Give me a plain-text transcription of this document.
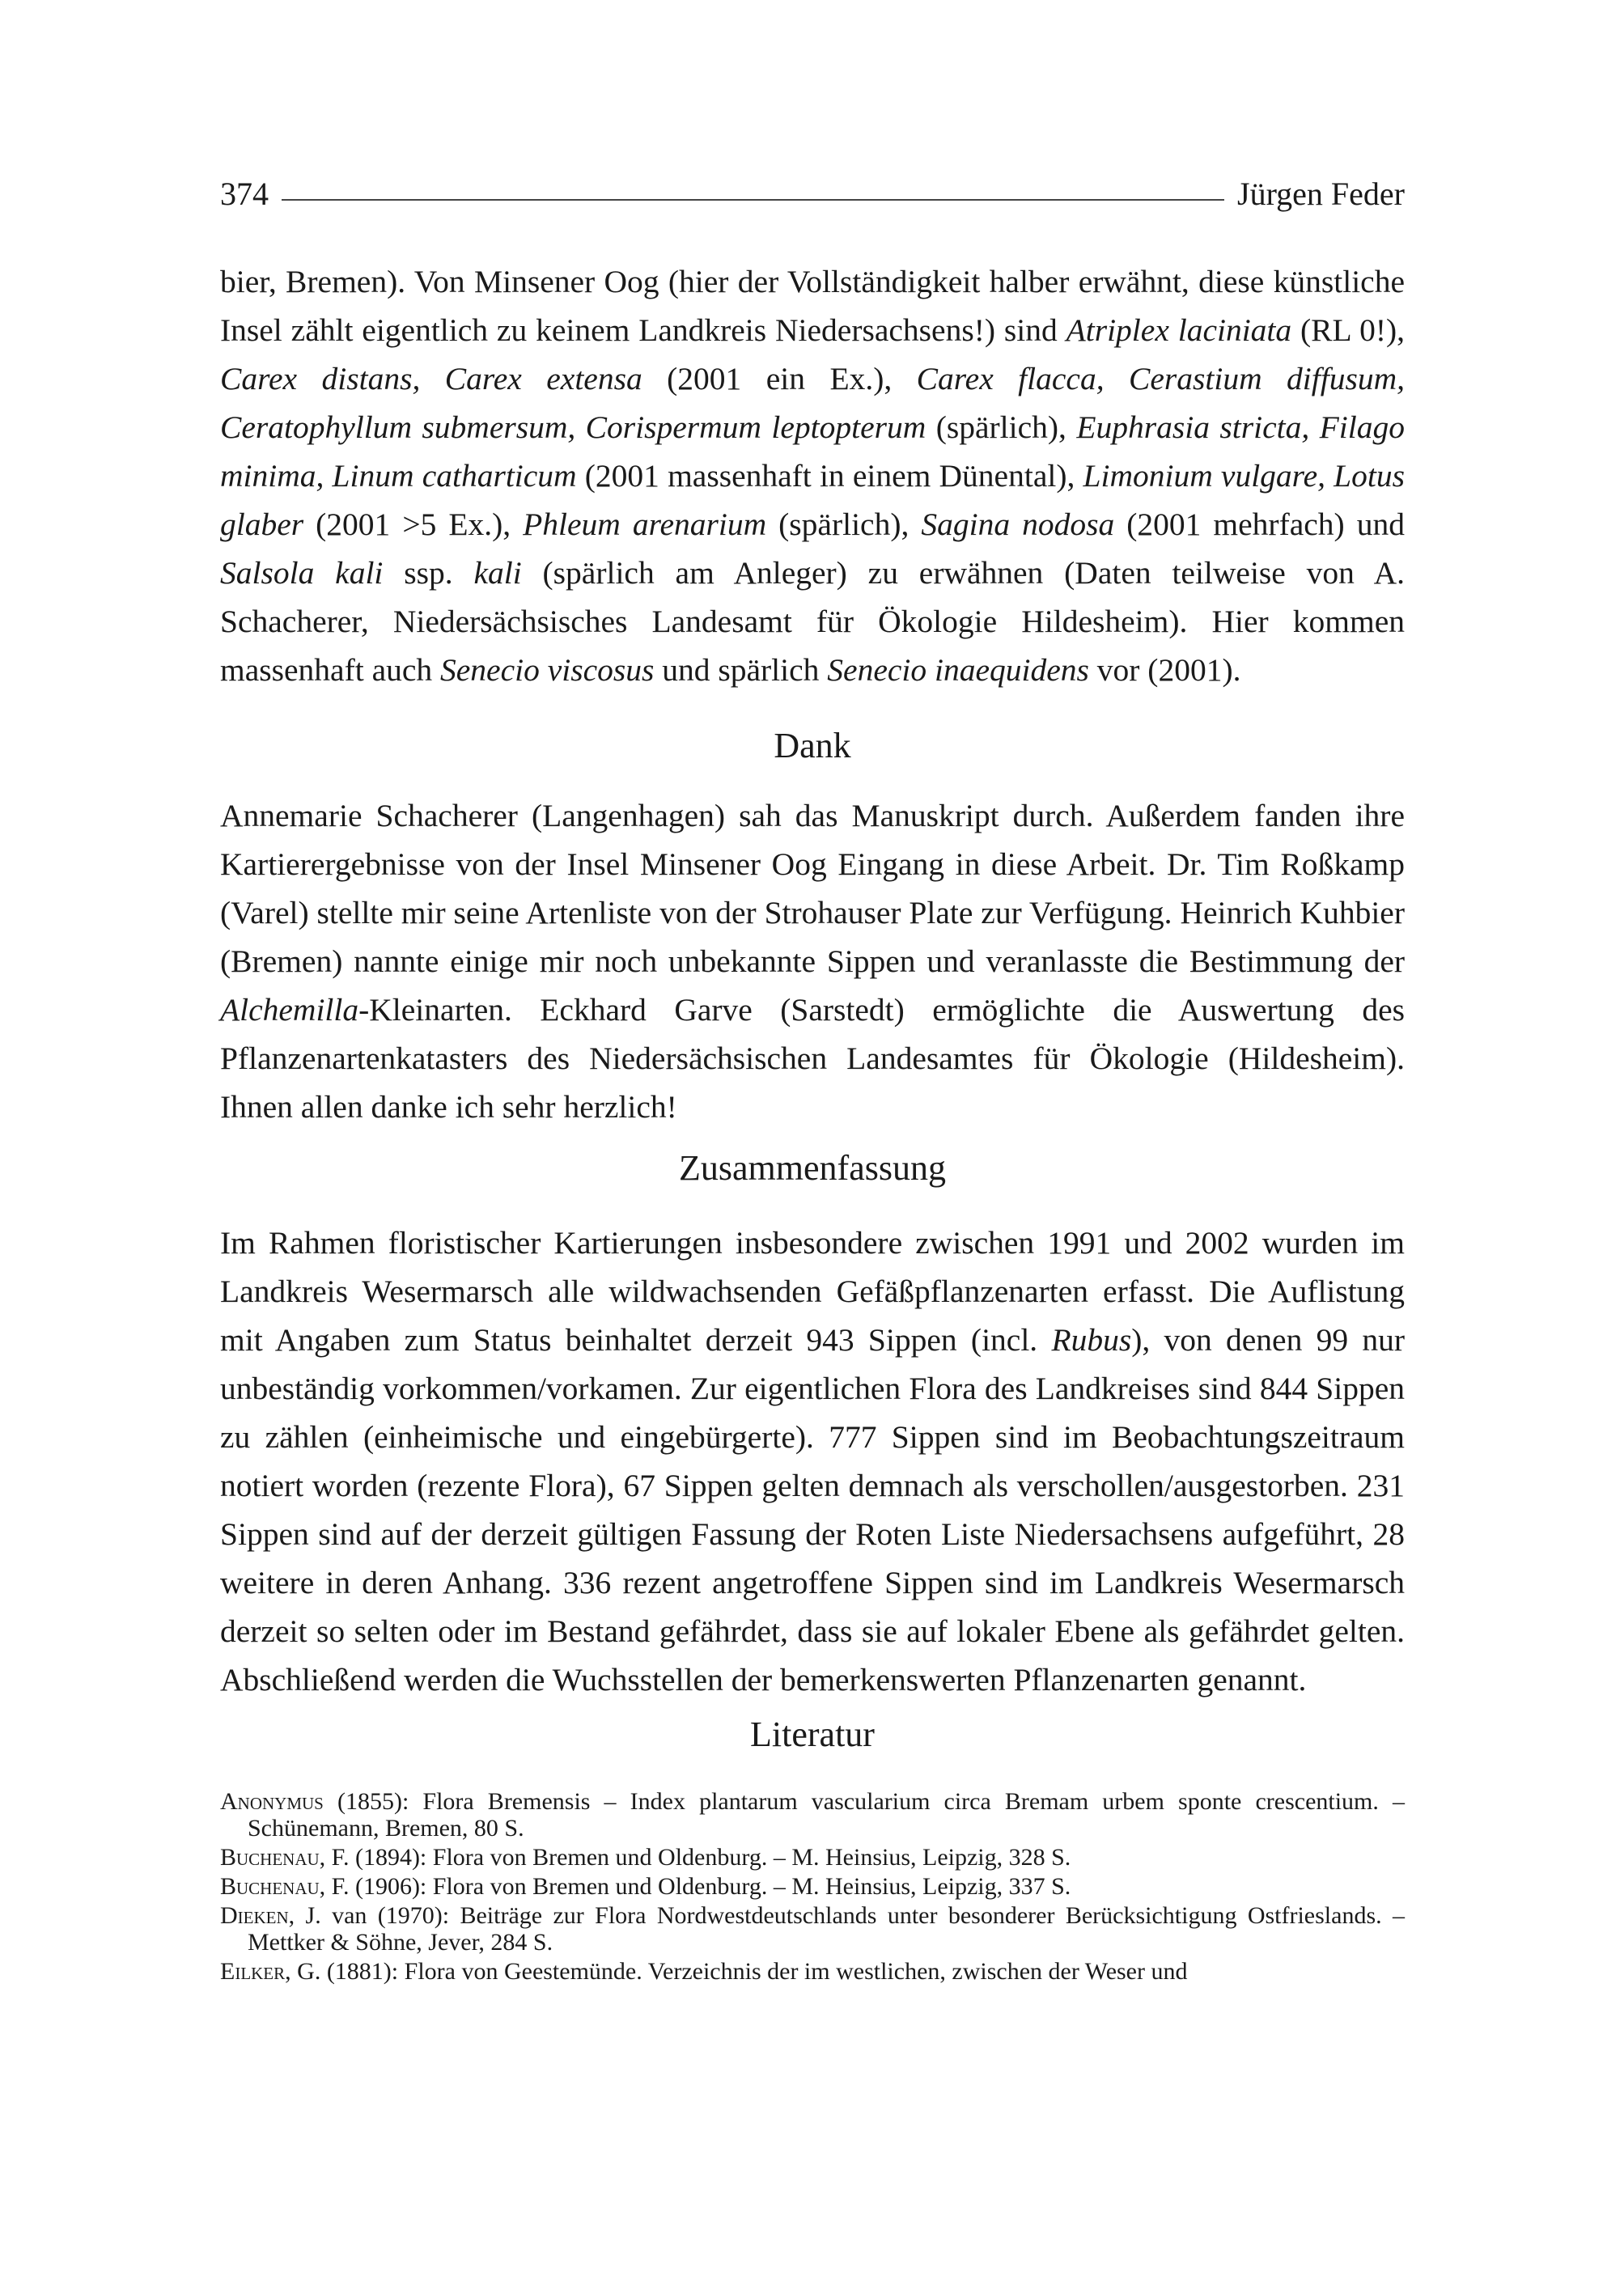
374	Jürgen Feder

bier, Bremen). Von Minsener Oog (hier der Vollständigkeit halber erwähnt, diese künstliche Insel zählt eigentlich zu keinem Landkreis Niedersachsens!) sind Atriplex laciniata (RL 0!), Carex distans, Carex extensa (2001 ein Ex.), Carex flacca, Cerastium diffusum, Ceratophyllum submersum, Corispermum leptopterum (spärlich), Euphrasia stricta, Filago minima, Linum catharticum (2001 massenhaft in einem Dünental), Limonium vulgare, Lotus glaber (2001 >5 Ex.), Phleum arenarium (spärlich), Sagina nodosa (2001 mehrfach) und Salsola kali ssp. kali (spärlich am Anleger) zu erwähnen (Daten teilweise von A. Schacherer, Niedersächsisches Landesamt für Ökologie Hildesheim). Hier kommen massenhaft auch Senecio viscosus und spärlich Senecio inaequidens vor (2001).

Dank

Annemarie Schacherer (Langenhagen) sah das Manuskript durch. Außerdem fanden ihre Kartierergebnisse von der Insel Minsener Oog Eingang in diese Arbeit. Dr. Tim Roßkamp (Varel) stellte mir seine Artenliste von der Strohauser Plate zur Verfügung. Heinrich Kuhbier (Bremen) nannte einige mir noch unbekannte Sippen und veranlasste die Bestimmung der Alchemilla-Kleinarten. Eckhard Garve (Sarstedt) ermöglichte die Auswertung des Pflanzenartenkatasters des Niedersächsischen Landesamtes für Ökologie (Hildesheim). Ihnen allen danke ich sehr herzlich!

Zusammenfassung

Im Rahmen floristischer Kartierungen insbesondere zwischen 1991 und 2002 wurden im Landkreis Wesermarsch alle wildwachsenden Gefäßpflanzenarten erfasst. Die Auflistung mit Angaben zum Status beinhaltet derzeit 943 Sippen (incl. Rubus), von denen 99 nur unbeständig vorkommen/vorkamen. Zur eigentlichen Flora des Landkreises sind 844 Sippen zu zählen (einheimische und eingebürgerte). 777 Sippen sind im Beobachtungszeitraum notiert worden (rezente Flora), 67 Sippen gelten demnach als verschollen/ausgestorben. 231 Sippen sind auf der derzeit gültigen Fassung der Roten Liste Niedersachsens aufgeführt, 28 weitere in deren Anhang. 336 rezent angetroffene Sippen sind im Landkreis Wesermarsch derzeit so selten oder im Bestand gefährdet, dass sie auf lokaler Ebene als gefährdet gelten. Abschließend werden die Wuchsstellen der bemerkenswerten Pflanzenarten genannt.

Literatur
Anonymus (1855): Flora Bremensis – Index plantarum vascularium circa Bremam urbem sponte crescentium. – Schünemann, Bremen, 80 S.
Buchenau, F. (1894): Flora von Bremen und Oldenburg. – M. Heinsius, Leipzig, 328 S.
Buchenau, F. (1906): Flora von Bremen und Oldenburg. – M. Heinsius, Leipzig, 337 S.
Dieken, J. van (1970): Beiträge zur Flora Nordwestdeutschlands unter besonderer Berücksichtigung Ostfrieslands. – Mettker & Söhne, Jever, 284 S.
Eilker, G. (1881): Flora von Geestemünde. Verzeichnis der im westlichen, zwischen der Weser und
